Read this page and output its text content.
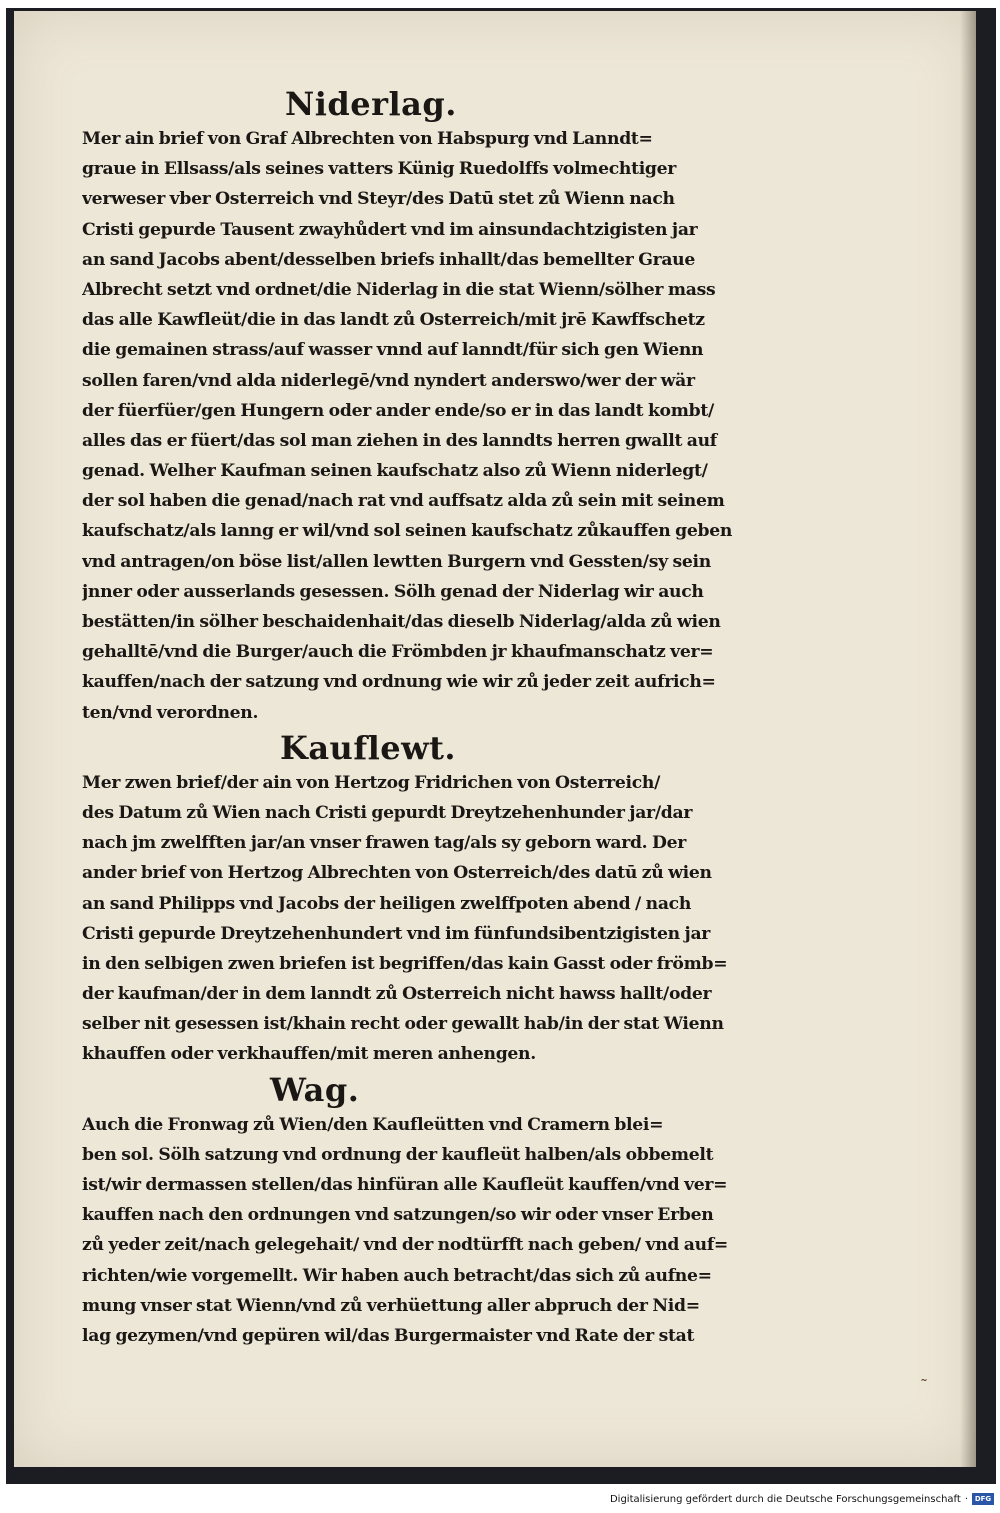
Niderlag.
Mer ain brief von Graf Albrechten von Habspurg vnd Lanndt=
graue in Ellsass/als seines vatters Künig Ruedolffs volmechtiger
verweser vber Osterreich vnd Steyr/des Datū stet zů Wienn nach
Cristi gepurde Tausent zwayhůdert vnd im ainsundachtzigisten jar
an sand Jacobs abent/desselben briefs inhallt/das bemellter Graue
Albrecht setzt vnd ordnet/die Niderlag in die stat Wienn/sölher mass
das alle Kawfleüt/die in das landt zů Osterreich/mit jrē Kawffschetz
die gemainen strass/auf wasser vnnd auf lanndt/für sich gen Wienn
sollen faren/vnd alda niderlegē/vnd nyndert anderswo/wer der wär
der füerfüer/gen Hungern oder ander ende/so er in das landt kombt/
alles das er füert/das sol man ziehen in des lanndts herren gwallt auf
genad. Welher Kaufman seinen kaufschatz also zů Wienn niderlegt/
der sol haben die genad/nach rat vnd auffsatz alda zů sein mit seinem
kaufschatz/als lanng er wil/vnd sol seinen kaufschatz zůkauffen geben
vnd antragen/on böse list/allen lewtten Burgern vnd Gessten/sy sein
jnner oder ausserlands gesessen. Sölh genad der Niderlag wir auch
bestätten/in sölher beschaidenhait/das dieselb Niderlag/alda zů wien
gehalltē/vnd die Burger/auch die Frömbden jr khaufmanschatz ver=
kauffen/nach der satzung vnd ordnung wie wir zů jeder zeit aufrich=
ten/vnd verordnen.
Kauflewt.
Mer zwen brief/der ain von Hertzog Fridrichen von Osterreich/
des Datum zů Wien nach Cristi gepurdt Dreytzehenhunder jar/dar
nach jm zwelfften jar/an vnser frawen tag/als sy geborn ward. Der
ander brief von Hertzog Albrechten von Osterreich/des datū zů wien
an sand Philipps vnd Jacobs der heiligen zwelffpoten abend / nach
Cristi gepurde Dreytzehenhundert vnd im fünfundsibentzigisten jar
in den selbigen zwen briefen ist begriffen/das kain Gasst oder frömb=
der kaufman/der in dem lanndt zů Osterreich nicht hawss hallt/oder
selber nit gesessen ist/khain recht oder gewallt hab/in der stat Wienn
khauffen oder verkhauffen/mit meren anhengen.
Wag.
Auch die Fronwag zů Wien/den Kaufleütten vnd Cramern blei=
ben sol. Sölh satzung vnd ordnung der kaufleüt halben/als obbemelt
ist/wir dermassen stellen/das hinfüran alle Kaufleüt kauffen/vnd ver=
kauffen nach den ordnungen vnd satzungen/so wir oder vnser Erben
zů yeder zeit/nach gelegehait/ vnd der nodtürfft nach geben/ vnd auf=
richten/wie vorgemellt. Wir haben auch betracht/das sich zů aufne=
mung vnser stat Wienn/vnd zů verhüettung aller abpruch der Nid=
lag gezymen/vnd gepüren wil/das Burgermaister vnd Rate der stat
˜
Digitalisierung gefördert durch die Deutsche Forschungsgemeinschaft · DFG
